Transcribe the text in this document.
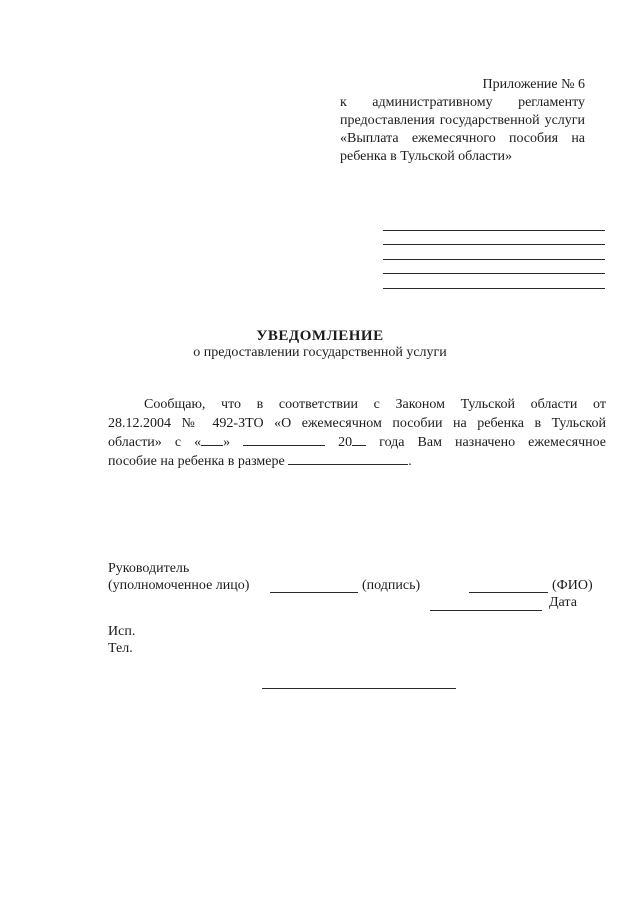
Приложение № 6
к административному регламенту
предоставления государственной услуги
«Выплата ежемесячного пособия на
ребенка в Тульской области»
УВЕДОМЛЕНИЕ
о предоставлении государственной услуги
Сообщаю, что в соответствии с Законом Тульской области от
28.12.2004 № 492-ЗТО «О ежемесячном пособии на ребенка в Тульской
области» с « »	20 года Вам назначено ежемесячное
пособие на ребенка в размере	.
Руководитель
(уполномоченное лицо)	(подпись)	(ФИО)
Дата
Исп.
Тел.
